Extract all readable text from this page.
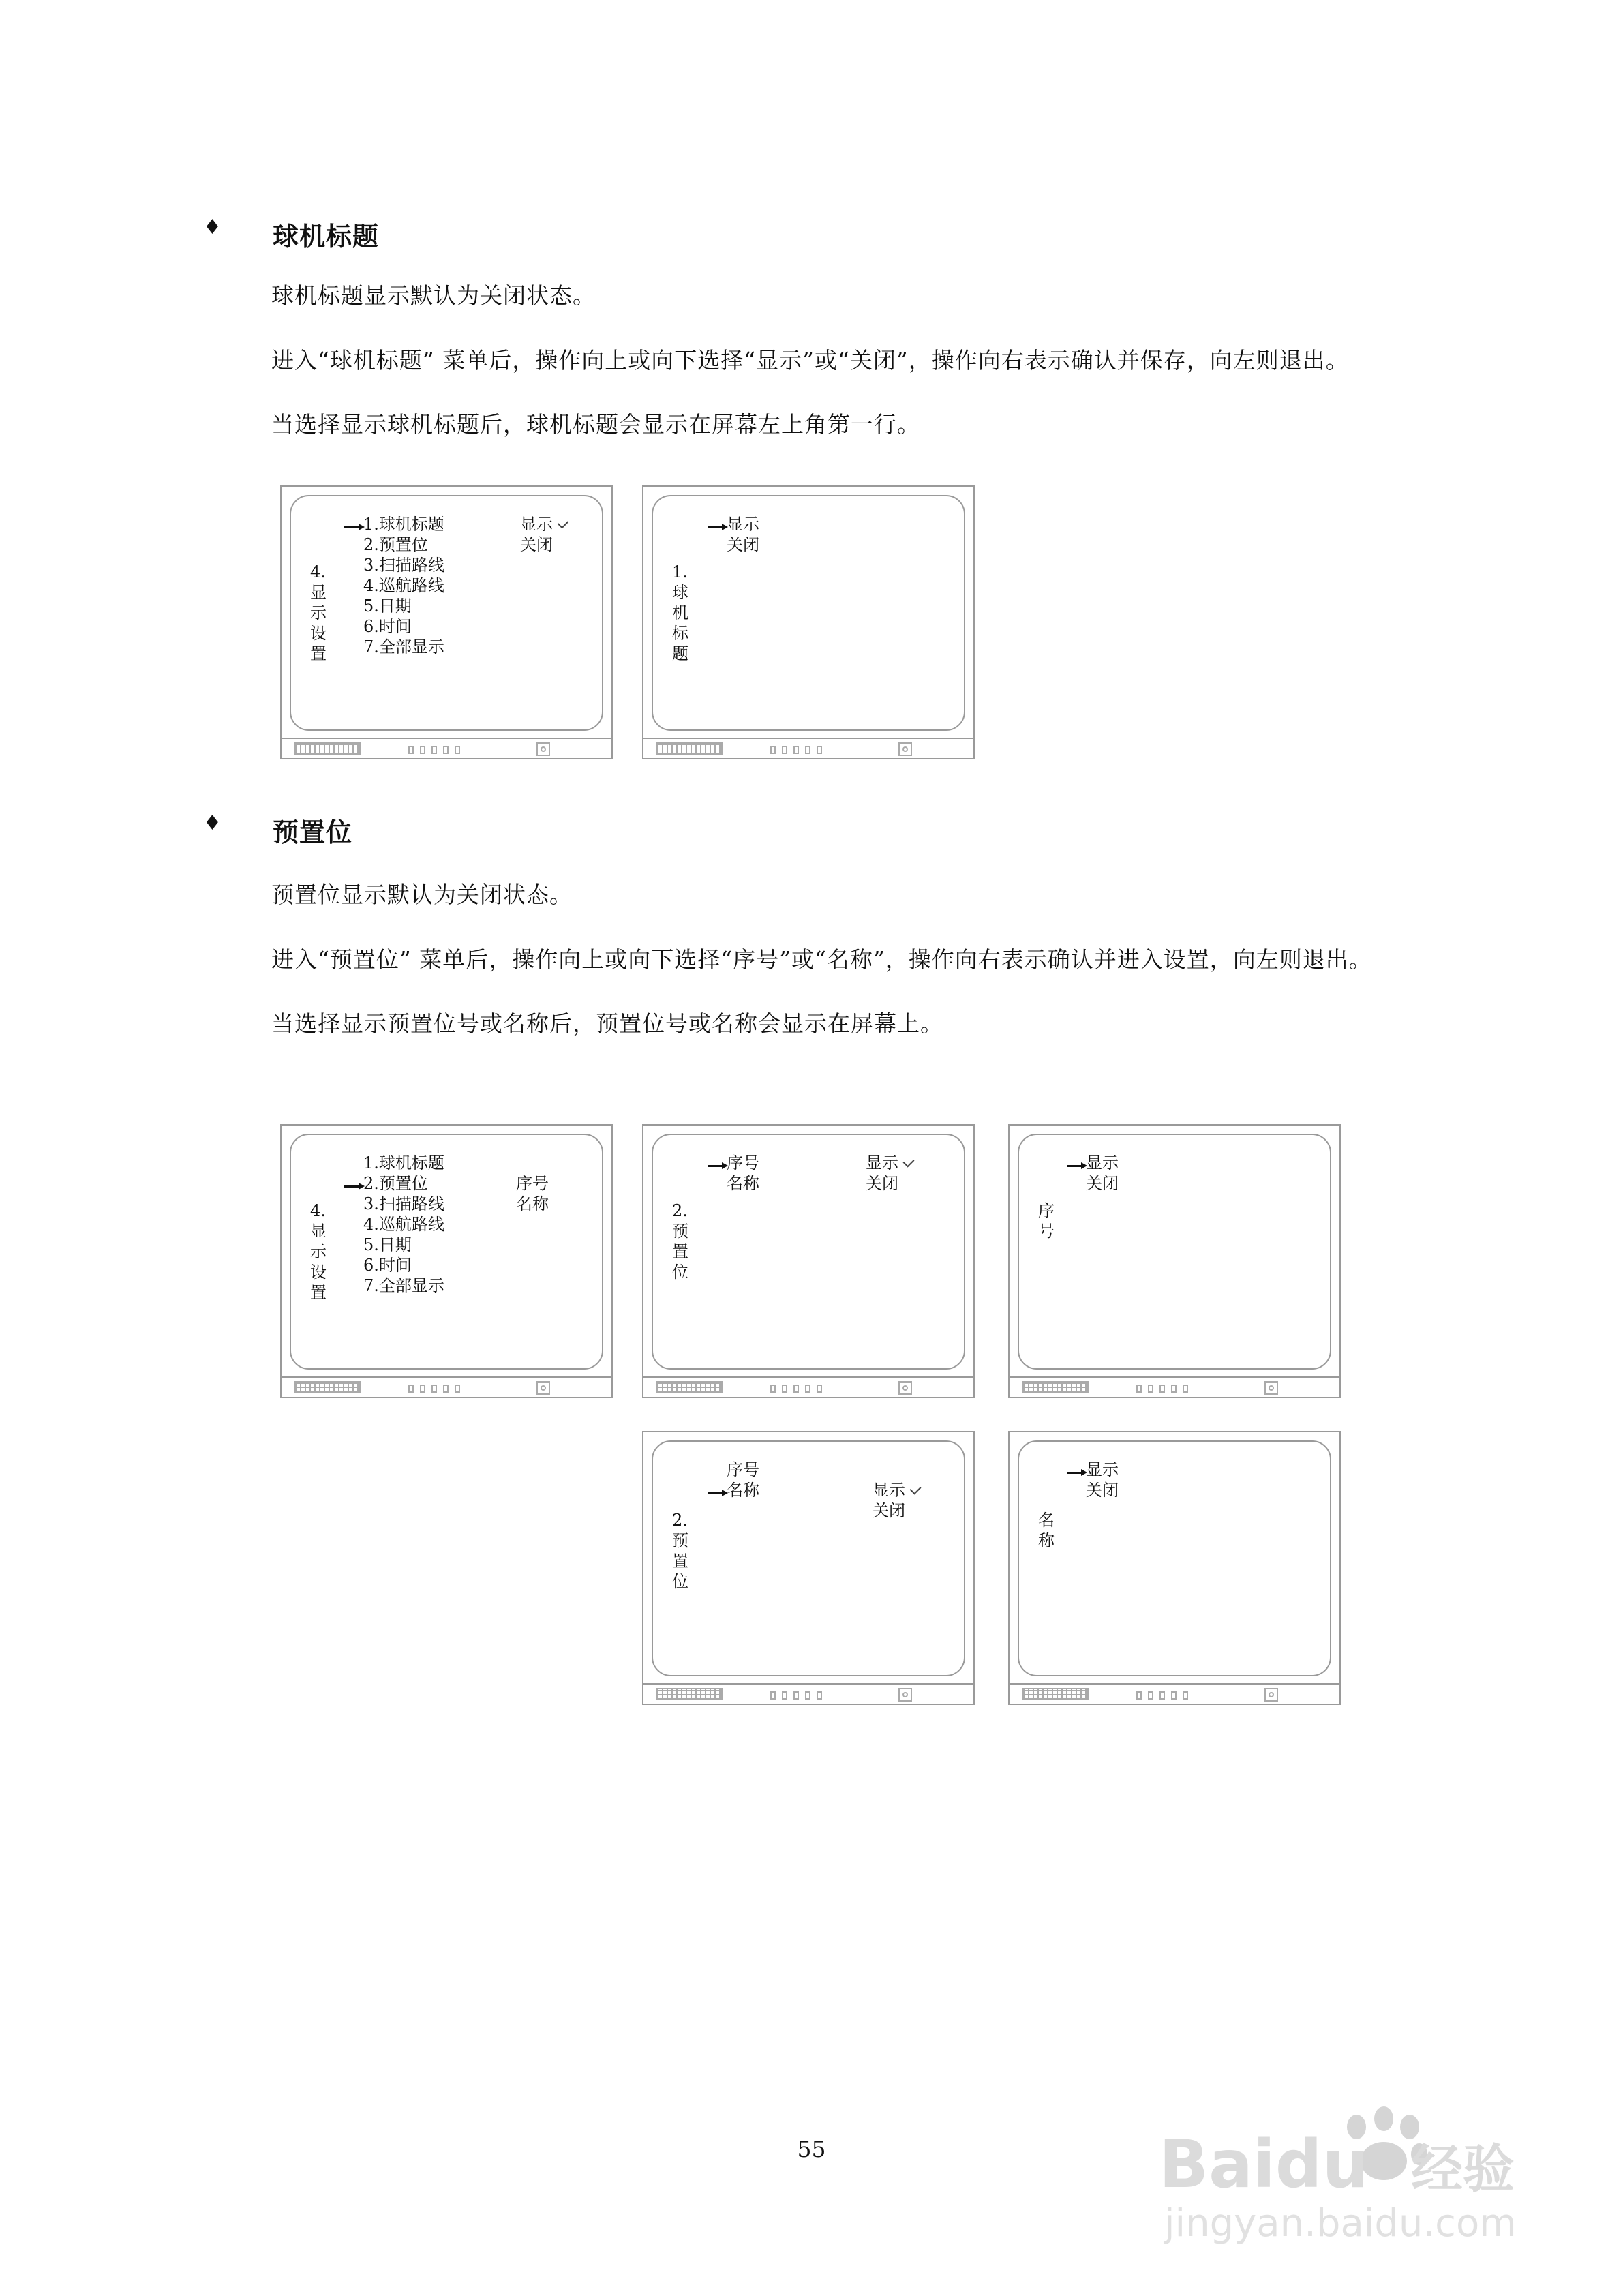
♦ 球机标题
球机标题显示默认为关闭状态。
进入“球机标题” 菜单后，操作向上或向下选择“显示”或“关闭”，操作向右表示确认并保存，向左则退出。
当选择显示球机标题后，球机标题会显示在屏幕左上角第一行。
1.球机标题
2.预置位
3.扫描路线
4.巡航路线
5.日期
6.时间
7.全部显示
4.
显
示
设
置
显示
关闭
显示
关闭
1.
球
机
标
题
♦ 预置位
预置位显示默认为关闭状态。
进入“预置位” 菜单后，操作向上或向下选择“序号”或“名称”，操作向右表示确认并进入设置，向左则退出。
当选择显示预置位号或名称后，预置位号或名称会显示在屏幕上。
1.球机标题
2.预置位
3.扫描路线
4.巡航路线
5.日期
6.时间
7.全部显示
4.
显
示
设
置
序号
名称
序号
名称
显示
关闭
2.
预
置
位
显示
关闭
序
号
序号
名称	显示
关闭
2.
预
置
位
显示
关闭
名
称
55	Baidu 经验
jingyan.baidu.com
